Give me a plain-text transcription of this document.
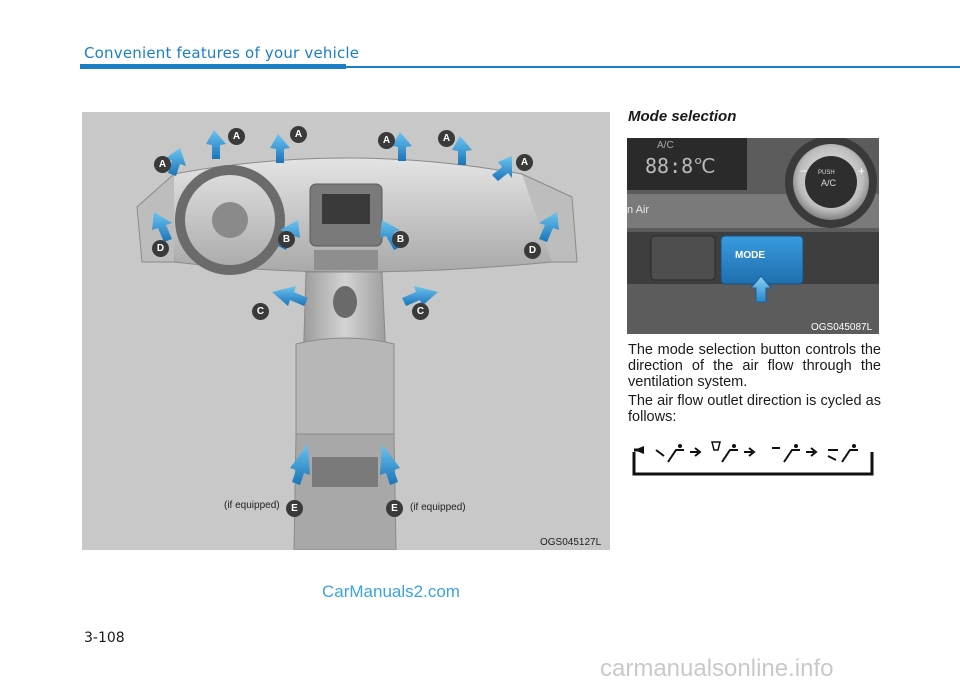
Convenient features of your vehicle
A	A
A	A
A	A
B	B
C	C
D	D
E	E
(if equipped)	(if equipped)
OGS045127L
Mode selection
A/C
88:8℃	PUSH
A/C
−	+
n Air
MODE
OGS045087L

The mode selection button controls the direction of the air flow through the ventilation system.

The air flow outlet direction is cycled as follows:

3-108
CarManuals2.com
carmanualsonline.info
